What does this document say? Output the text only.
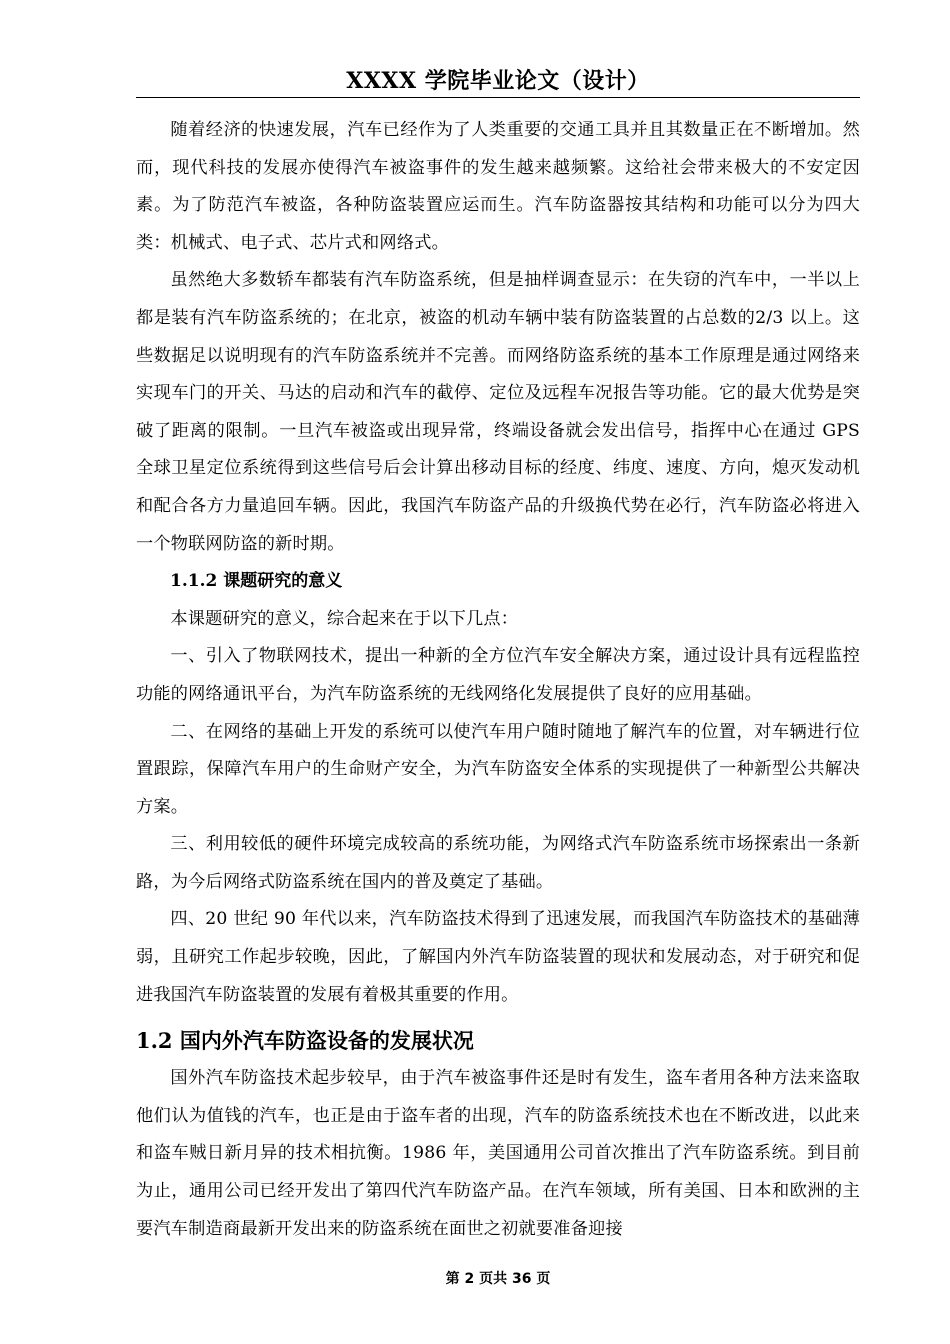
XXXX 学院毕业论文（设计）

随着经济的快速发展，汽车已经作为了人类重要的交通工具并且其数量正在不断增加。然而，现代科技的发展亦使得汽车被盗事件的发生越来越频繁。这给社会带来极大的不安定因素。为了防范汽车被盗，各种防盗装置应运而生。汽车防盗器按其结构和功能可以分为四大类：机械式、电子式、芯片式和网络式。

虽然绝大多数轿车都装有汽车防盗系统，但是抽样调查显示：在失窃的汽车中，一半以上都是装有汽车防盗系统的；在北京，被盗的机动车辆中装有防盗装置的占总数的2/3 以上。这些数据足以说明现有的汽车防盗系统并不完善。而网络防盗系统的基本工作原理是通过网络来实现车门的开关、马达的启动和汽车的截停、定位及远程车况报告等功能。它的最大优势是突破了距离的限制。一旦汽车被盗或出现异常，终端设备就会发出信号，指挥中心在通过 GPS 全球卫星定位系统得到这些信号后会计算出移动目标的经度、纬度、速度、方向，熄灭发动机和配合各方力量追回车辆。因此，我国汽车防盗产品的升级换代势在必行，汽车防盗必将进入一个物联网防盗的新时期。

1.1.2 课题研究的意义

本课题研究的意义，综合起来在于以下几点：

一、引入了物联网技术，提出一种新的全方位汽车安全解决方案，通过设计具有远程监控功能的网络通讯平台，为汽车防盗系统的无线网络化发展提供了良好的应用基础。

二、在网络的基础上开发的系统可以使汽车用户随时随地了解汽车的位置，对车辆进行位置跟踪，保障汽车用户的生命财产安全，为汽车防盗安全体系的实现提供了一种新型公共解决方案。

三、利用较低的硬件环境完成较高的系统功能，为网络式汽车防盗系统市场探索出一条新路，为今后网络式防盗系统在国内的普及奠定了基础。

四、20 世纪 90 年代以来，汽车防盗技术得到了迅速发展，而我国汽车防盗技术的基础薄弱，且研究工作起步较晚，因此，了解国内外汽车防盗装置的现状和发展动态，对于研究和促进我国汽车防盗装置的发展有着极其重要的作用。

1.2 国内外汽车防盗设备的发展状况

国外汽车防盗技术起步较早，由于汽车被盗事件还是时有发生，盗车者用各种方法来盗取他们认为值钱的汽车，也正是由于盗车者的出现，汽车的防盗系统技术也在不断改进，以此来和盗车贼日新月异的技术相抗衡。1986 年，美国通用公司首次推出了汽车防盗系统。到目前为止，通用公司已经开发出了第四代汽车防盗产品。在汽车领域，所有美国、日本和欧洲的主要汽车制造商最新开发出来的防盗系统在面世之初就要准备迎接

第 2 页共 36 页
